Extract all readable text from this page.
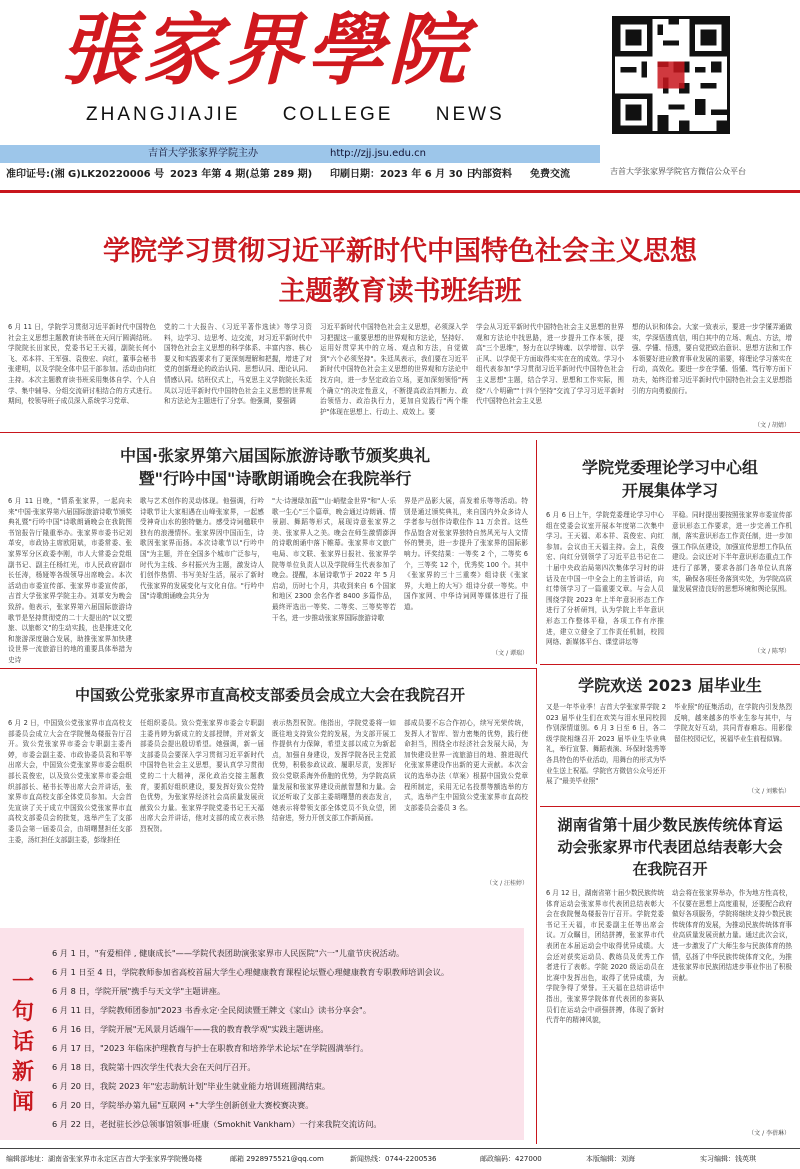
張家界學院
ZHANGJIAJIE COLLEGE NEWS
吉首大学张家界学院主办	http://zjj.jsu.edu.cn
准印证号:(湘 G)LK20220006 号 2023 年第 4 期(总第 289 期) 印刷日期：2023 年 6 月 30 日
内部资料 免费交流	吉首大学张家界学院官方微信公众平台
学院学习贯彻习近平新时代中国特色社会主义思想
主题教育读书班结班
6 月 11 日，学院学习贯彻习近平新时代中国特色社会主义思想主题教育读书班在天问厅圆满结班。学院院长田家民，党委书记王天福，副院长何小飞、邓本祥、王军强、袁俊宏、向红，董事会秘书张建明，以及学院全体中层干部参加。活动由向红主持。本次主题教育读书班采用集体自学、个人自学、集中辅导、分组交流研讨相结合的方式进行。期间，校领导班子成员深入系统学习党章、
党的二十大报告、《习近平著作选读》等学习资料，边学习、边思考、边交流，对习近平新时代中国特色社会主义思想的科学体系、丰富内容、核心要义和实践要求有了更深刻理解和把握，增进了对党的创新理论的政治认同、思想认同、理论认同、情感认同。结班仪式上，马克思主义学院院长朱廷凤以习近平新时代中国特色社会主义思想的世界观和方法论为主题进行了分享。他强调，要强调
习近平新时代中国特色社会主义思想，必须深入学习把握这一重要思想的世界观和方法论，坚持好、运用好贯穿其中的立场、观点和方法，自觉做到"六个必须坚持"。朱廷凤表示，我们要在习近平新时代中国特色社会主义思想的世界观和方法论中找方向，进一步坚定政治立场，更加深刻领悟"两个确立"的决定性意义，不断提高政治判断力、政治领悟力、政治执行力，更加自觉践行"两个维护"体现在思想上、行动上、成效上。要
学会从习近平新时代中国特色社会主义思想的世界观和方法论中找思路，进一步提升工作本领，提高"三个思维"，努力在以学铸魂、以学增智、以学正风、以学促干方面取得实实在在的成效。学习小组代表参加"学习贯彻习近平新时代中国特色社会主义思想"主题，结合学习、思想和工作实际，围绕"八个明确""十四个坚持"交流了学习习近平新时代中国特色社会主义思
想的认识和体会。大家一致表示，要进一步学懂弄通做实，学深悟透真信，明白其中的立场、观点、方法，增强、学懂、悟透，要自觉把政治意识、思想方法和工作本领要好进应教育事业发展的需要，将理论学习落实在行动，高效化。要进一步在学懂、悟懂、笃行等方面下功夫，始终沿着习近平新时代中国特色社会主义思想指引的方向勇毅前行。
（文 / 胡婧）
中国·张家界第六届国际旅游诗歌节颁奖典礼
暨"行吟中国"诗歌朗诵晚会在我院举行
6 月 11 日晚，"情系张家界，一起向未来"中国·张家界第六届国际旅游诗歌节颁奖典礼暨"行吟中国"诗歌朗诵晚会在我院图书馆报告厅隆重举办。张家界市委书记刘革安，市政协主席欧阳斌，市委常委、张家界军分区政委李刚，市人大常委会党组副书记、副主任杨红光，市人民政府副市长任涛，杨娅等各级领导出席晚会。本次活动由市委宣传部、张家界市委宣传部，吉首大学张家界学院主办。刘革安为晚会致辞。他表示，张家界第六届国际旅游诗歌节是坚持贯彻党的二十大提出的"以文塑旅、以旅彰文"的生动实践，也是推进文化和旅游深度融合发展，助推张家界加快建设世界一流旅游目的地的重要具体举措为史诗
歌与艺术创作的灵动体现。他强调，行吟诗歌节让大家相遇在山峰张家界，一起感受神奇山水的独特魅力。感受诗词楹联中独有的浪漫情怀。张家界因中国而生，诗歌因张家界而扬。本次诗歌节以"行吟中国"为主题，并在全国多个城市广泛参与，时代为主线、乡村振兴为主题，激发诗人们创作热情、书写美好生活，展示了新时代张家界的发展变化与文化自信。"行吟中国"诗歌朗诵晚会共分为
"大·诗漫绿加蓝""山·峭壁金世界"和"人·乐歌一生心"三个篇章，晚会通过诗朗诵、情景剧、舞蹈等形式，展现诗意张家界之美、张家界人之美。晚会在师生激情澎湃的诗歌朗诵中落下帷幕。张家界市文旅广电局、市文联、张家界日报社、张家界学院等单位负责人以及学院师生代表参加了晚会。提醒，本届诗歌节于 2022 年 5 月启动，历时七个月，共收到来自 6 个国家和地区 2300 余名作者 8400 多篇作品，最终评选出一等奖、二等奖、三等奖等若干名，进一步推动张家界国际旅游诗歌
界是产品影大展，喜发着乐等等活动。特别是通过颁奖典礼，来自国内外众多诗人学者参与创作诗歌佳作 11 万余首。这些作品饱含对张家界独特自然风光与人文情怀的赞美，进一步提升了张家界的国际影响力。评奖结果：一等奖 2 个，二等奖 6 个，三等奖 12 个，优秀奖 100 个。其中《张家界的三十三重奏》组诗获《张家界，大地上的大写》组诗分获一等奖。中国作家网、中华诗词网等媒体进行了报道。
（文 / 谭瑞）
学院党委理论学习中心组
开展集体学习
6 月 6 日上午，学院党委理论学习中心组在党委会议室开展本年度第二次集中学习。王天福、邓本祥、袁俊宏、向红参加。会议由王天福主持。会上，袁俊宏、向红分别领学了习近平总书记在二十届中央政治局第四次集体学习时的讲话及在中国一中全会上的主旨讲话，向红带领学习了一篇重要文章。与会人员围绕学院 2023 年上半年意识形态工作进行了分析研判，认为学院上半年意识形态工作整体平稳，各项工作有序推进，建立立健全了工作责任机制，校园网络、新媒体平台、课堂讲坛等
平稳。同时提出要按照张家界市委宣传部意识形态工作要求，进一步完善工作机制，落实意识形态工作责任制，进一步加强工作队伍建设，加强宣传思想工作队伍建设。会议还对下半年意识形态重点工作进行了部署，要求各部门各单位认真落实，确保各项任务落到实处，为学院高质量发展营造良好的思想环境和舆论氛围。
（文 / 陈琴）
学院欢送 2023 届毕业生
又是一年毕业季！吉首大学张家界学院 2023 届毕业生们在欢笑与泪水里同校园作别深情道别。6 月 3 日至 6 日，各二级学院相继召开 2023 届毕业生毕业典礼，举行宣誓、舞蹈表演、环保时装秀等各具特色的毕业活动，用舞台的形式为毕业生送上祝福。学院官方微信公众号还开展了"最美毕业照"
毕业照"的征集活动，在学院内引发热烈反响，越来越多的毕业生参与其中，与学院友好互动，共同青春难忘。用影像留住校园记忆，祝福毕业生前程似锦。
（文 / 刘紫怡）
中国致公党张家界市直高校支部委员会成立大会在我院召开
6 月 2 日，中国致公党张家界市直高校支部委员会成立大会在学院慢岛楼报告厅召开。致公党张家界市委会专职副主委肖婷，市委会副主委、市政协委员袁和平等出席大会，中国致公党张家界市委会组织部长袁俊宏，以及致公党张家界市委会组织部部长、秘书长等出席大会并讲话，张家界市直高校支部全体党员参加。大会首先宣读了关于成立中国致公党张家界市直高校支部委员会的批复，选举产生了支部委员会第一届委员会，由胡曙慧担任支部主委，汤红担任支部副主委，彭缘担任
任组织委员。致公党张家界市委会专职副主委肖婷为新成立的支部授牌，并对新支部委员会提出殷切希望。她强调，新一届支部委员会要深入学习贯彻习近平新时代中国特色社会主义思想，要认真学习贯彻党的二十大精神，深化政治交接主题教育，要抓好组织建设，要发挥好致公党特色优势，为张家界经济社会高质量发展贡献致公力量。张家界学院党委书记王天福出席大会并讲话，他对支部的成立表示热烈祝贺。
表示热烈祝贺。他指出，学院党委将一如既往地支持致公党的发展，为支部开展工作提供有力保障，希望支部以成立为新起点，加强自身建设，发挥学院各民主党派优势，积极参政议政、履职尽责，发挥好致公党联系海外侨胞的优势，为学院高质量发展和张家界建设贡献智慧和力量。会议还听取了支部主委胡曙慧的表态发言，她表示将带领支部全体党员不负众望，团结奋进，努力开创支部工作新局面。
部成员要不忘合作初心，续写光荣传统，发挥人才智库、智力密集的优势，践行使命担当，围绕全市经济社会发展大局，为加快建设世界一流旅游目的地、推进现代化张家界建设作出新的更大贡献。本次会议的选举办法（草案）根据中国致公党章程所制定，采用无记名投票等额选举的方式，选举产生中国致公党张家界市直高校支部委员会委员 3 名。
（文 / 汪桂婷）
湖南省第十届少数民族传统体育运
动会张家界市代表团总结表彰大会
在我院召开
6 月 12 日，湖南省第十届少数民族传统体育运动会张家界市代表团总结表彰大会在我院慢岛楼报告厅召开。学院党委书记王天福，市民委副主任等出席会议。万众瞩目，团结拼搏，张家界市代表团在本届运动会中取得优异成绩。大会还对获奖运动员、教练员及优秀工作者进行了表彰。学院 2020 级运动员在比赛中发挥出色，取得了优异成绩，为学院争得了荣誉。王天福在总结讲话中指出，张家界学院体育代表团的参赛队员们在运动会中顽强拼搏，体现了新时代青年的精神风貌，
动会将在张家界举办，作为地方性高校，不仅要在思想上高度重视，还要配合政府做好各项服务，学院将继续支持少数民族传统体育的发展，为推动民族传统体育事业高质量发展贡献力量。通过此次会议，进一步激发了广大师生参与民族体育的热情，弘扬了中华民族传统体育文化，为推进张家界市民族团结进步事业作出了积极贡献。
（文 / 李蓓琳）
一句话新闻
6 月 1 日，"有爱相伴 , 健康成长"——学院代表团助演张家界市人民医院"六一"儿童节庆祝活动。
6 月 1 日至 4 日，学院教师参加省高校首届大学生心理健康教育课程论坛暨心理健康教育专职教师培训会议。
6 月 8 日，学院开展"携手与天文学"主题讲座。
6 月 11 日，学院教师团参加"2023 书香永定·全民阅读暨王牌文《家山》读书分享会"。
6 月 16 日，学院开展"无风景月话端午——我的教育教学观"实践主题讲座。
6 月 17 日，"2023 年临床护理教育与护士在职教育和培养学术论坛"在学院圆满举行。
6 月 18 日，我院第十四次学生代表大会在天问厅召开。
6 月 20 日，我院 2023 年"宏志助航计划"毕业生就业能力培训班圆满结束。
6 月 20 日，学院举办第九届"互联网 +"大学生创新创业大赛校赛决赛。
6 月 22 日，老挝驻长沙总领事馆领事·旺康（Smokhit Vankham）一行来我院交流访问。
编辑部地址：湖南省张家界市永定区吉首大学张家界学院慢岛楼	邮箱 2928975521@qq.com	新闻热线：0744-2200536	邮政编码：427000	本版编辑：刘海	实习编辑：钱英琪
